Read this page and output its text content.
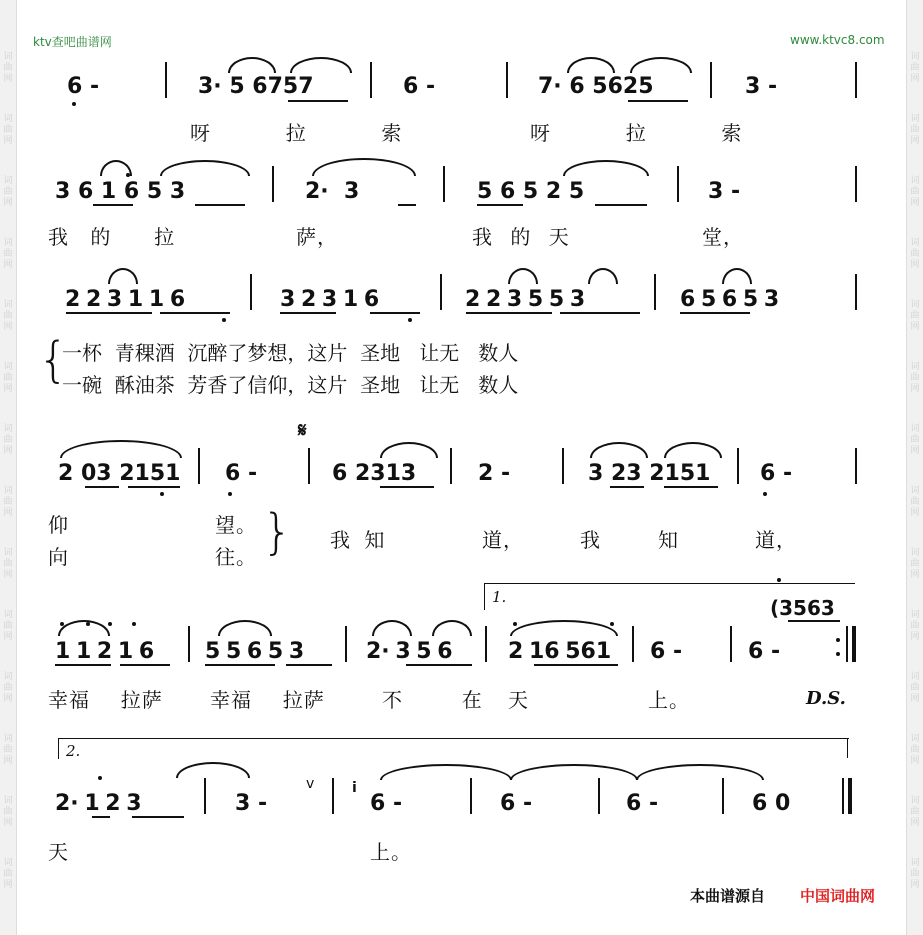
词
曲
网
词
曲
网
词
曲
网
词
曲
网
词
曲
网
词
曲
网
词
曲
网
词
曲
网
词
曲
网
词
曲
网
词
曲
网
词
曲
网
词
曲
网
词
曲
网
词
曲
网
词
曲
网
词
曲
网
词
曲
网
词
曲
网
词
曲
网
词
曲
网
词
曲
网
词
曲
网
词
曲
网
词
曲
网
词
曲
网
词
曲
网
词
曲
网
ktv查吧曲谱网	www.ktvc8.com
6 -	3· 5 6757	6 -	7· 6 5625	3 -
呀  拉  索	呀  拉  索
3 6 1 6 5 3	2·  3	5 6 5 2 5	3 -
我 的  拉	萨，	我 的 天	堂，
2 2 3 1 1 6	3 2 3 1 6	2 2 3 5 5 3	6 5 6 5 3
{
一杯  青稞酒  沉醉了梦想，这片  圣地   让无   数人
一碗  酥油茶  芳香了信仰，这片  圣地   让无   数人
𝄋
2 03 2151 6 -	6 2313	2 -	3 23 2151 6 -
仰	望。
向	往。 } 我 知	道，	我	知	道，
1.	(3563
1 1 2 1 6 5 5 6 5 3	2· 3 5 6	2 16 561 6 -	6 -
幸福  拉萨 幸福  拉萨	不  在 天	上。	D.S.
2.
2· 1 2 3	3 -
v	i
6 -	6 -	6 -	6 0
天	上。
本曲谱源自 中国词曲网
